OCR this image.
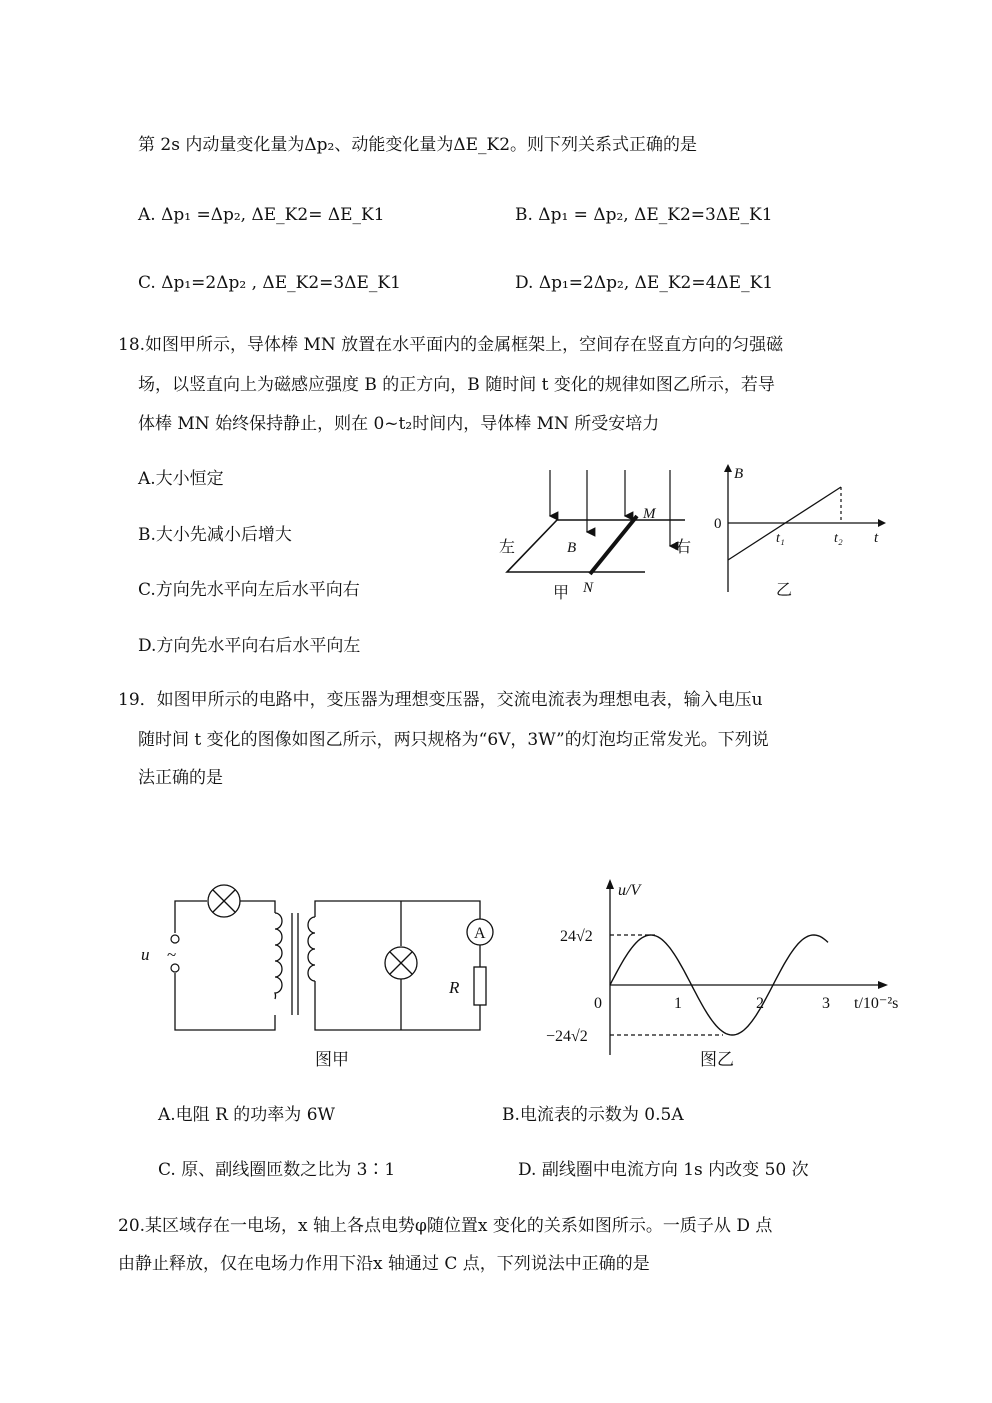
第 2s 内动量变化量为Δp₂、动能变化量为ΔE_K2。则下列关系式正确的是
A. Δp₁ =Δp₂, ΔE_K2= ΔE_K1	B. Δp₁ = Δp₂, ΔE_K2=3ΔE_K1
C. Δp₁=2Δp₂ , ΔE_K2=3ΔE_K1	D. Δp₁=2Δp₂, ΔE_K2=4ΔE_K1
18.如图甲所示，导体棒 MN 放置在水平面内的金属框架上，空间存在竖直方向的匀强磁
场，以竖直向上为磁感应强度 B 的正方向，B 随时间 t 变化的规律如图乙所示，若导
体棒 MN 始终保持静止，则在 0~t₂时间内，导体棒 MN 所受安培力
A.大小恒定
B.大小先减小后增大
C.方向先水平向左后水平向右
D.方向先水平向右后水平向左
左	右
B
M
N
甲
B
0
t₁	t₂ t
乙
19．如图甲所示的电路中，变压器为理想变压器，交流电流表为理想电表，输入电压u
随时间 t 变化的图像如图乙所示，两只规格为“6V，3W”的灯泡均正常发光。下列说
法正确的是
u ~
A
R
图甲
u/V
24√2
−24√2
0	1	2	3 t/10⁻²s
图乙
A.电阻 R 的功率为 6W	B.电流表的示数为 0.5A
C. 原、副线圈匝数之比为 3∶1	D. 副线圈中电流方向 1s 内改变 50 次
20.某区域存在一电场，x 轴上各点电势φ随位置x 变化的关系如图所示。一质子从 D 点
由静止释放，仅在电场力作用下沿x 轴通过 C 点，下列说法中正确的是
